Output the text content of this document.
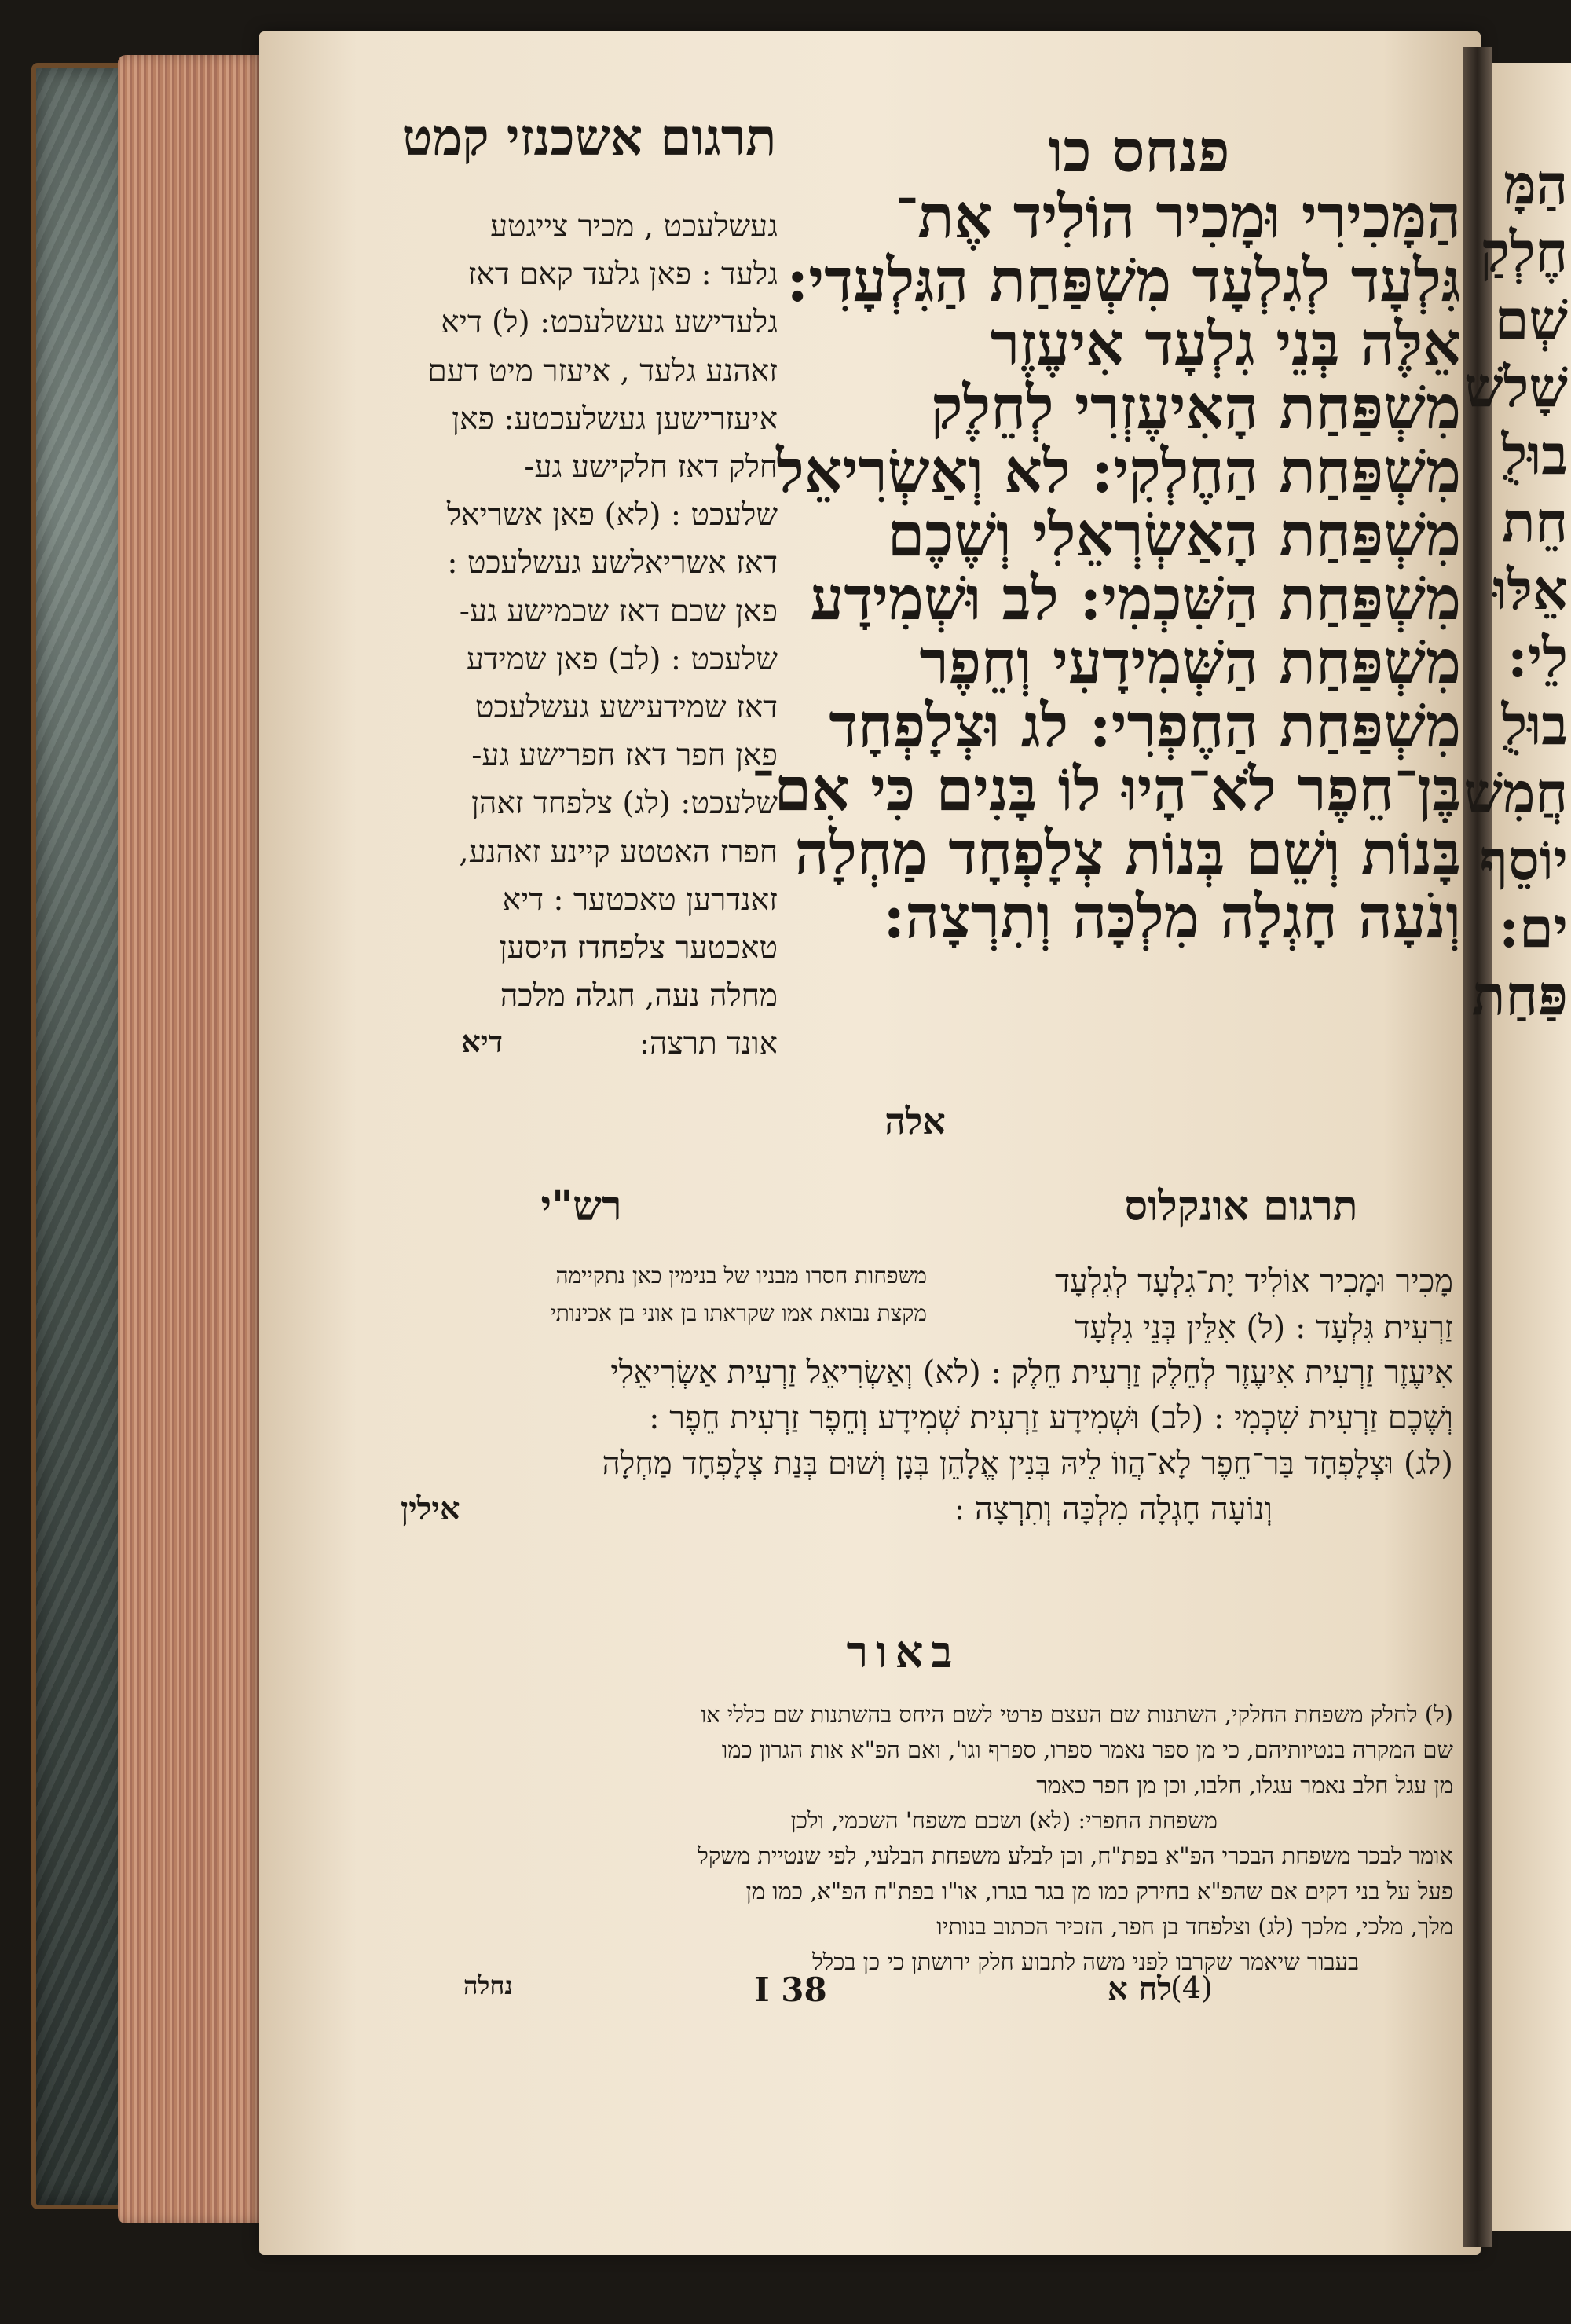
הַמָּ
חֶלְקַ
שְׁם
שָׁלשׁ
בוּלֻ
חֵת
אֵלּוּ
לֵי:
בוּלֻ
חֲמִשׁ
יוֹסֵף
ים:
פַּחַת
תרגום אשכנזי קמט	פנחס כו
הַמָּכִירִי וּמָכִיר הוֹלִיד אֶת־
גִּלְעָד לְגִלְעָד מִשְׁפַּחַת הַגִּלְעָדִי:
אֵלֶּה בְּנֵי גִלְעָד אִיעֶזֶר
מִשְׁפַּחַת הָאִיעֶזְרִי לְחֵלֶק
מִשְׁפַּחַת הַחֶלְקִי: לא וְאַשְׂרִיאֵל
מִשְׁפַּחַת הָאַשְׂרְאֵלִי וְשֶׁכֶם
מִשְׁפַּחַת הַשִּׁכְמִי: לב וּשְׁמִידָע
מִשְׁפַּחַת הַשְּׁמִידָעִי וְחֵפֶר
מִשְׁפַּחַת הַחֶפְרִי: לג וּצְלָפְחָד
בֶּן־חֵפֶר לֹא־הָיוּ לוֹ בָּנִים כִּי אִם־
בָּנוֹת וְשֵׁם בְּנוֹת צְלָפְחָד מַחְלָה
וְנֹעָה חָגְלָה מִלְכָּה וְתִרְצָה:
אלה
געשלעכט , מכיר צייגטע
גלעד : פאן גלעד קאם דאז
גלעדישע געשלעכט: (ל) דיא
זאהנע גלעד , איעזר מיט דעם
איעזרישען געשלעכטע: פאן
חלק דאז חלקישע גע-
שלעכט : (לא) פאן אשריאל
דאז אשריאלשע געשלעכט :
פאן שכם דאז שכמישע גע-
שלעכט : (לב) פאן שמידע
דאז שמידעישע געשלעכט
פאן חפר דאז חפרישע גע-
שלעכט: (לג) צלפחד זאהן
חפרז האטטע קיינע זאהנע,
זאנדרען טאכטער : דיא
טאכטער צלפחדז היסען
מחלה נעה, חגלה מלכה
אונד תרצה:
דיא
תרגום אונקלוס
רש"י
מָכִיר וּמָכִיר אוֹלִיד יָת־גִלְעָד לְגִלְעָד
זַרְעִית גִּלְעָד : (ל) אִלֵּין בְּנֵי גִלְעָד
משפחות חסרו מבניו של בנימין כאן נתקיימה
מקצת נבואת אמו שקראתו בן אוני בן אכינותי
אִיעֶזֶר זַרְעִית אִיעֶזֶר לְחֵלֶק זַרְעִית חֵלֶק : (לא) וְאַשְׂרִיאֵל זַרְעִית אַשְׂרִיאֵלִי
וְשֶׁכֶם זַרְעִית שִׁכְמִי : (לב) וּשְׁמִידָע זַרְעִית שְׁמִידָע וְחֵפֶר זַרְעִית חֵפֶר :
(לג) וּצְלָפְחָד בַּר־חֵפֶר לָא־הֲווֹ לֵיהּ בְּנִין אֱלָהֵן בְּנָן וְשׁוּם בְּנַת צְלָפְחָד מַחְלָה
וְנוֹעָה חָגְלָה מִלְכָּה וְתִרְצָה :
אילין
באור
(ל) לחלק משפחת החלקי, השתנות שם העצם פרטי לשם היחס בהשתנות שם כללי או
שם המקרה בנטיותיהם, כי מן ספר נאמר ספרו, ספרף וגו', ואם הפ"א אות הגרון כמו
מן עגל חלב נאמר עגלו, חלבו, וכן מן חפר כאמר
משפחת החפרי: (לא) ושכם משפח' השכמי, ולכן
אומר לבכר משפחת הבכרי הפ"א בפת"ח, וכן לבלע משפחת הבלעי, לפי שנטיית משקל
פעל על בני דקים אם שהפ"א בחירק כמו מן בגר בגרו, או"ו בפת"ח הפ"א, כמו מן
מלך, מלכי, מלכך (לג) וצלפחד בן חפר, הזכיר הכתוב בנותיו
בעבור שיאמר שקרבו לפני משה לתבוע חלק ירושתן כי כן בכלל
לח א
I 38	(4)
נחלה
